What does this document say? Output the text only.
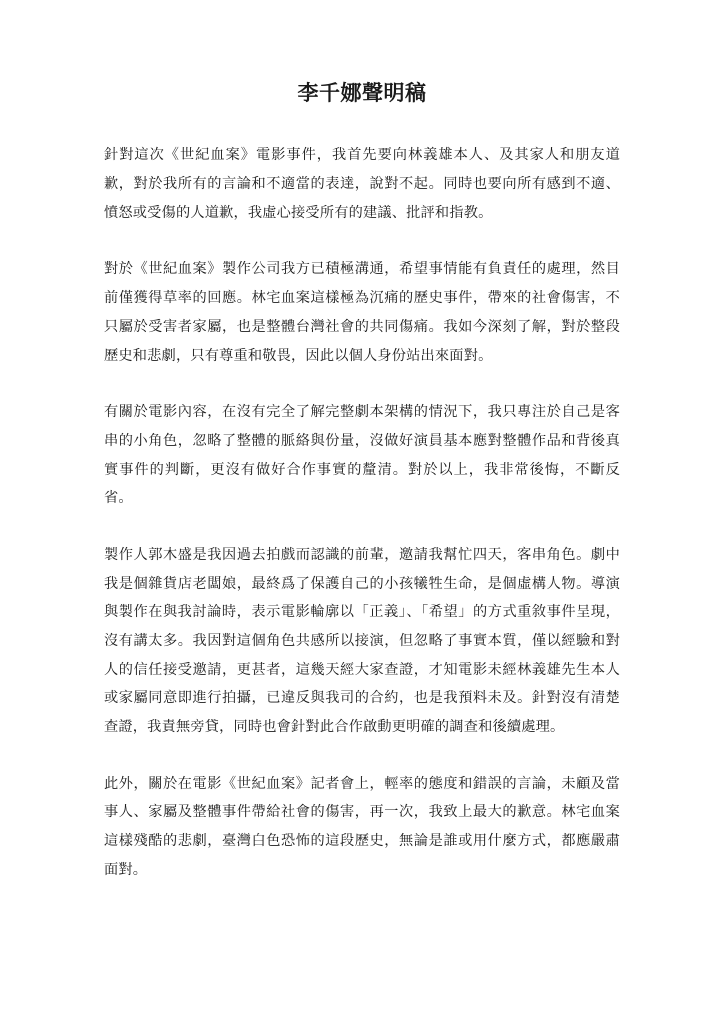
李千娜聲明稿

針對這次《世紀血案》電影事件，我首先要向林義雄本人、及其家人和朋友道歉，對於我所有的言論和不適當的表達，說對不起。同時也要向所有感到不適、憤怒或受傷的人道歉，我虛心接受所有的建議、批評和指教。

對於《世紀血案》製作公司我方已積極溝通，希望事情能有負責任的處理，然目前僅獲得草率的回應。林宅血案這樣極為沉痛的歷史事件，帶來的社會傷害，不只屬於受害者家屬，也是整體台灣社會的共同傷痛。我如今深刻了解，對於整段歷史和悲劇，只有尊重和敬畏，因此以個人身份站出來面對。

有關於電影內容，在沒有完全了解完整劇本架構的情況下，我只專注於自己是客串的小角色，忽略了整體的脈絡與份量，沒做好演員基本應對整體作品和背後真實事件的判斷，更沒有做好合作事實的釐清。對於以上，我非常後悔，不斷反省。

製作人郭木盛是我因過去拍戲而認識的前輩，邀請我幫忙四天，客串角色。劇中我是個雜貨店老闆娘，最終爲了保護自己的小孩犧牲生命，是個虛構人物。導演與製作在與我討論時，表示電影輪廓以「正義」、「希望」的方式重敘事件呈現，沒有講太多。我因對這個角色共感所以接演，但忽略了事實本質，僅以經驗和對人的信任接受邀請，更甚者，這幾天經大家查證，才知電影未經林義雄先生本人或家屬同意即進行拍攝，已違反與我司的合約，也是我預料未及。針對沒有清楚查證，我責無旁貸，同時也會針對此合作啟動更明確的調查和後續處理。

此外，關於在電影《世紀血案》記者會上，輕率的態度和錯誤的言論，未顧及當事人、家屬及整體事件帶給社會的傷害，再一次，我致上最大的歉意。林宅血案這樣殘酷的悲劇，臺灣白色恐怖的這段歷史，無論是誰或用什麼方式，都應嚴肅面對。
